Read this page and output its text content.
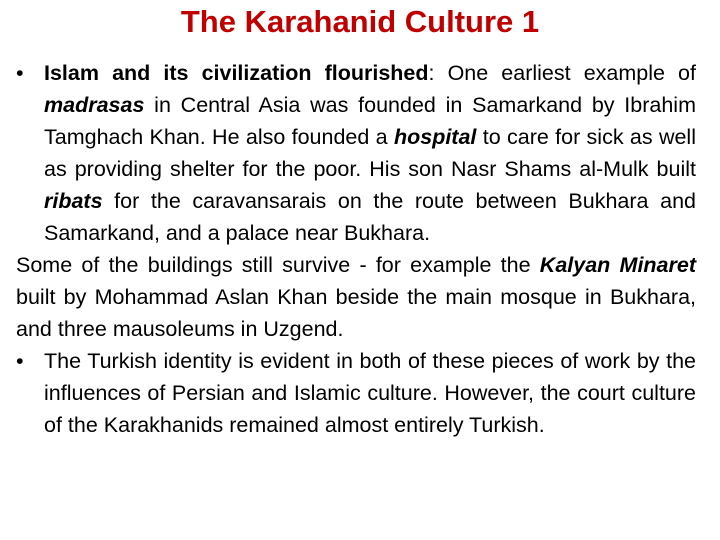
The Karahanid Culture 1

• Islam and its civilization flourished: One earliest example of madrasas in Central Asia was founded in Samarkand by Ibrahim Tamghach Khan. He also founded a hospital to care for sick as well as providing shelter for the poor. His son Nasr Shams al-Mulk built ribats for the caravansarais on the route between Bukhara and Samarkand, and a palace near Bukhara.

Some of the buildings still survive - for example the Kalyan Minaret built by Mohammad Aslan Khan beside the main mosque in Bukhara, and three mausoleums in Uzgend.

• The Turkish identity is evident in both of these pieces of work by the influences of Persian and Islamic culture. However, the court culture of the Karakhanids remained almost entirely Turkish.
